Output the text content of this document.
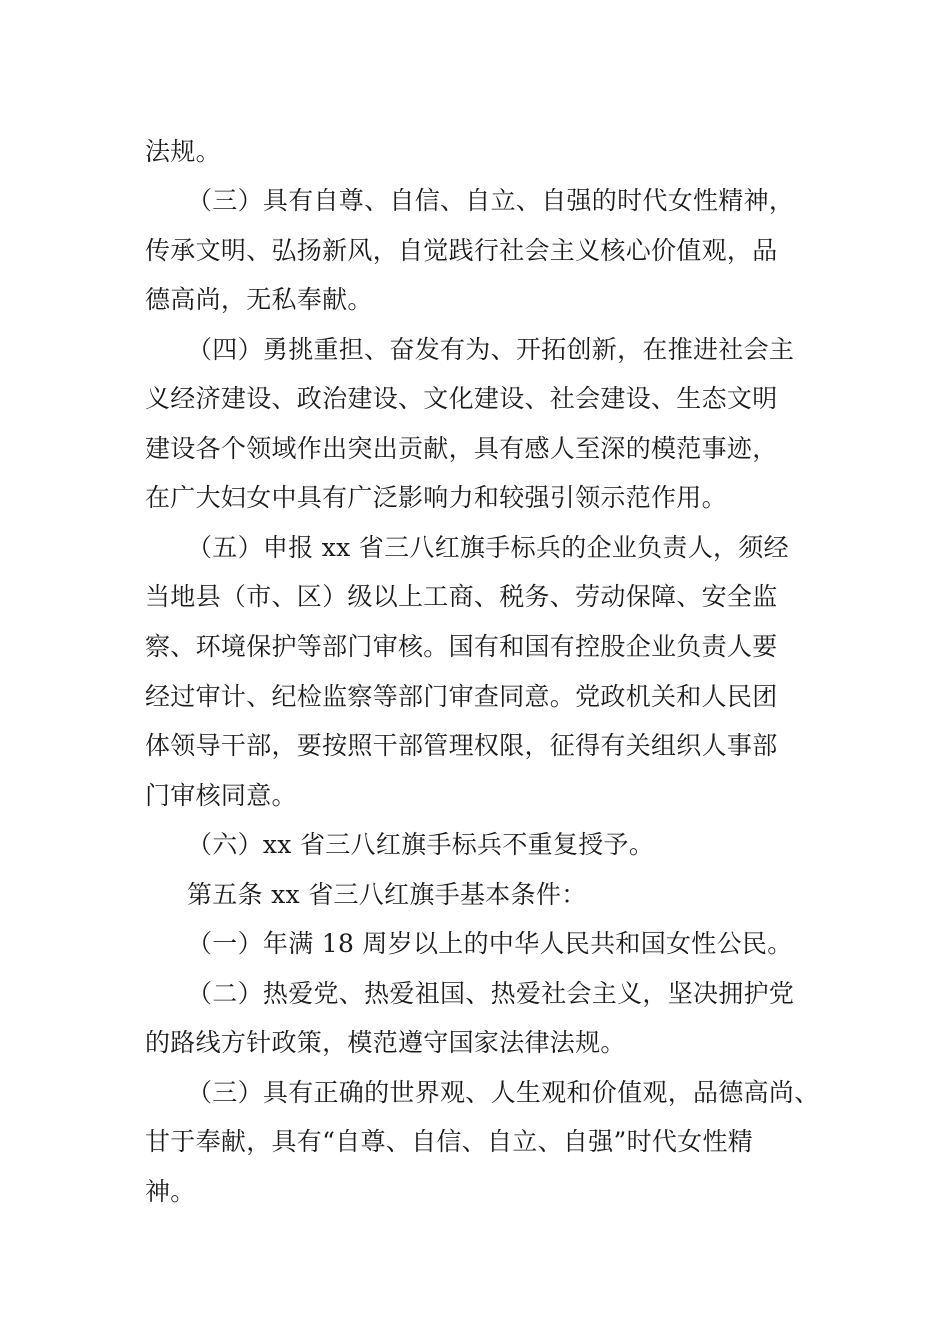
法规。
（三）具有自尊、自信、自立、自强的时代女性精神，
传承文明、弘扬新风，自觉践行社会主义核心价值观，品
德高尚，无私奉献。
（四）勇挑重担、奋发有为、开拓创新，在推进社会主
义经济建设、政治建设、文化建设、社会建设、生态文明
建设各个领域作出突出贡献，具有感人至深的模范事迹，
在广大妇女中具有广泛影响力和较强引领示范作用。
（五）申报 xx 省三八红旗手标兵的企业负责人，须经
当地县（市、区）级以上工商、税务、劳动保障、安全监
察、环境保护等部门审核。国有和国有控股企业负责人要
经过审计、纪检监察等部门审查同意。党政机关和人民团
体领导干部，要按照干部管理权限，征得有关组织人事部
门审核同意。
（六）xx 省三八红旗手标兵不重复授予。
第五条 xx 省三八红旗手基本条件：
（一）年满 18 周岁以上的中华人民共和国女性公民。
（二）热爱党、热爱祖国、热爱社会主义，坚决拥护党
的路线方针政策，模范遵守国家法律法规。
（三）具有正确的世界观、人生观和价值观，品德高尚、
甘于奉献，具有“自尊、自信、自立、自强”时代女性精
神。
